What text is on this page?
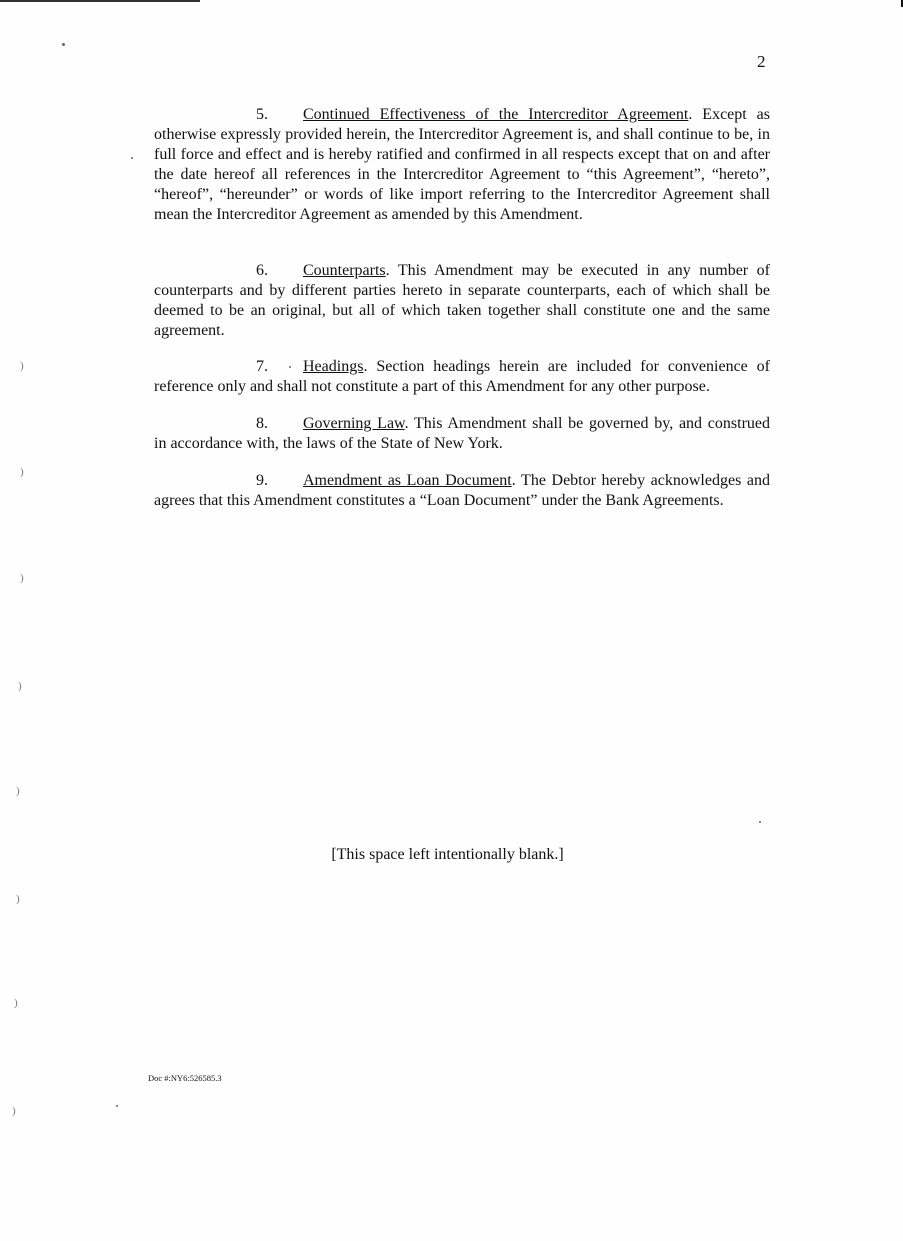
2

5. Continued Effectiveness of the Intercreditor Agreement. Except as otherwise expressly provided herein, the Intercreditor Agreement is, and shall continue to be, in full force and effect and is hereby ratified and confirmed in all respects except that on and after the date hereof all references in the Intercreditor Agreement to “this Agreement”, “hereto”, “hereof”, “hereunder” or words of like import referring to the Intercreditor Agreement shall mean the Intercreditor Agreement as amended by this Amendment.

6. Counterparts. This Amendment may be executed in any number of counterparts and by different parties hereto in separate counterparts, each of which shall be deemed to be an original, but all of which taken together shall constitute one and the same agreement.

7. Headings. Section headings herein are included for convenience of reference only and shall not constitute a part of this Amendment for any other purpose.

8. Governing Law. This Amendment shall be governed by, and construed in accordance with, the laws of the State of New York.

9. Amendment as Loan Document. The Debtor hereby acknowledges and agrees that this Amendment constitutes a “Loan Document” under the Bank Agreements.

[This space left intentionally blank.]
Doc #:NY6:526585.3
)
)
)
)
)
)
)
)
